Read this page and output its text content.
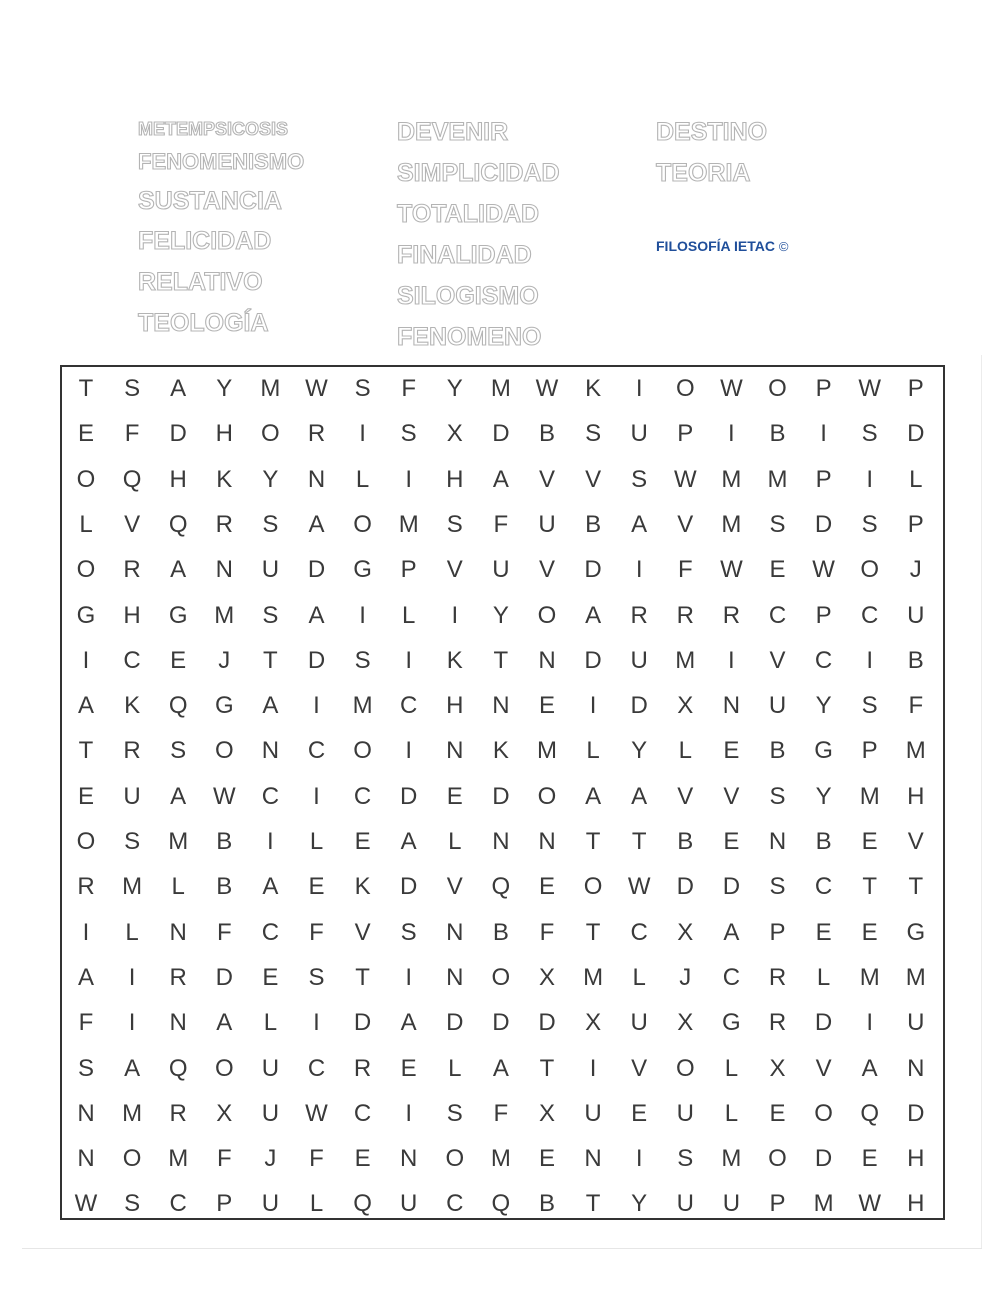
METEMPSICOSIS
FENOMENISMO
SUSTANCIA
FELICIDAD
RELATIVO
TEOLOGÍA
DEVENIR
SIMPLICIDAD
TOTALIDAD
FINALIDAD
SILOGISMO
FENOMENO
DESTINO
TEORIA
FILOSOFÍA IETAC ©
T	S	A	Y	M	W	S	F	Y	M	W	K	I	O	W	O	P	W	P
E	F	D	H	O	R	I	S	X	D	B	S	U	P	I	B	I	S	D
O	Q	H	K	Y	N	L	I	H	A	V	V	S	W	M	M	P	I	L
L	V	Q	R	S	A	O	M	S	F	U	B	A	V	M	S	D	S	P
O	R	A	N	U	D	G	P	V	U	V	D	I	F	W	E	W	O	J
G	H	G	M	S	A	I	L	I	Y	O	A	R	R	R	C	P	C	U
I	C	E	J	T	D	S	I	K	T	N	D	U	M	I	V	C	I	B
A	K	Q	G	A	I	M	C	H	N	E	I	D	X	N	U	Y	S	F
T	R	S	O	N	C	O	I	N	K	M	L	Y	L	E	B	G	P	M
E	U	A	W	C	I	C	D	E	D	O	A	A	V	V	S	Y	M	H
O	S	M	B	I	L	E	A	L	N	N	T	T	B	E	N	B	E	V
R	M	L	B	A	E	K	D	V	Q	E	O	W	D	D	S	C	T	T
I	L	N	F	C	F	V	S	N	B	F	T	C	X	A	P	E	E	G
A	I	R	D	E	S	T	I	N	O	X	M	L	J	C	R	L	M	M
F	I	N	A	L	I	D	A	D	D	D	X	U	X	G	R	D	I	U
S	A	Q	O	U	C	R	E	L	A	T	I	V	O	L	X	V	A	N
N	M	R	X	U	W	C	I	S	F	X	U	E	U	L	E	O	Q	D
N	O	M	F	J	F	E	N	O	M	E	N	I	S	M	O	D	E	H
W	S	C	P	U	L	Q	U	C	Q	B	T	Y	U	U	P	M	W	H
